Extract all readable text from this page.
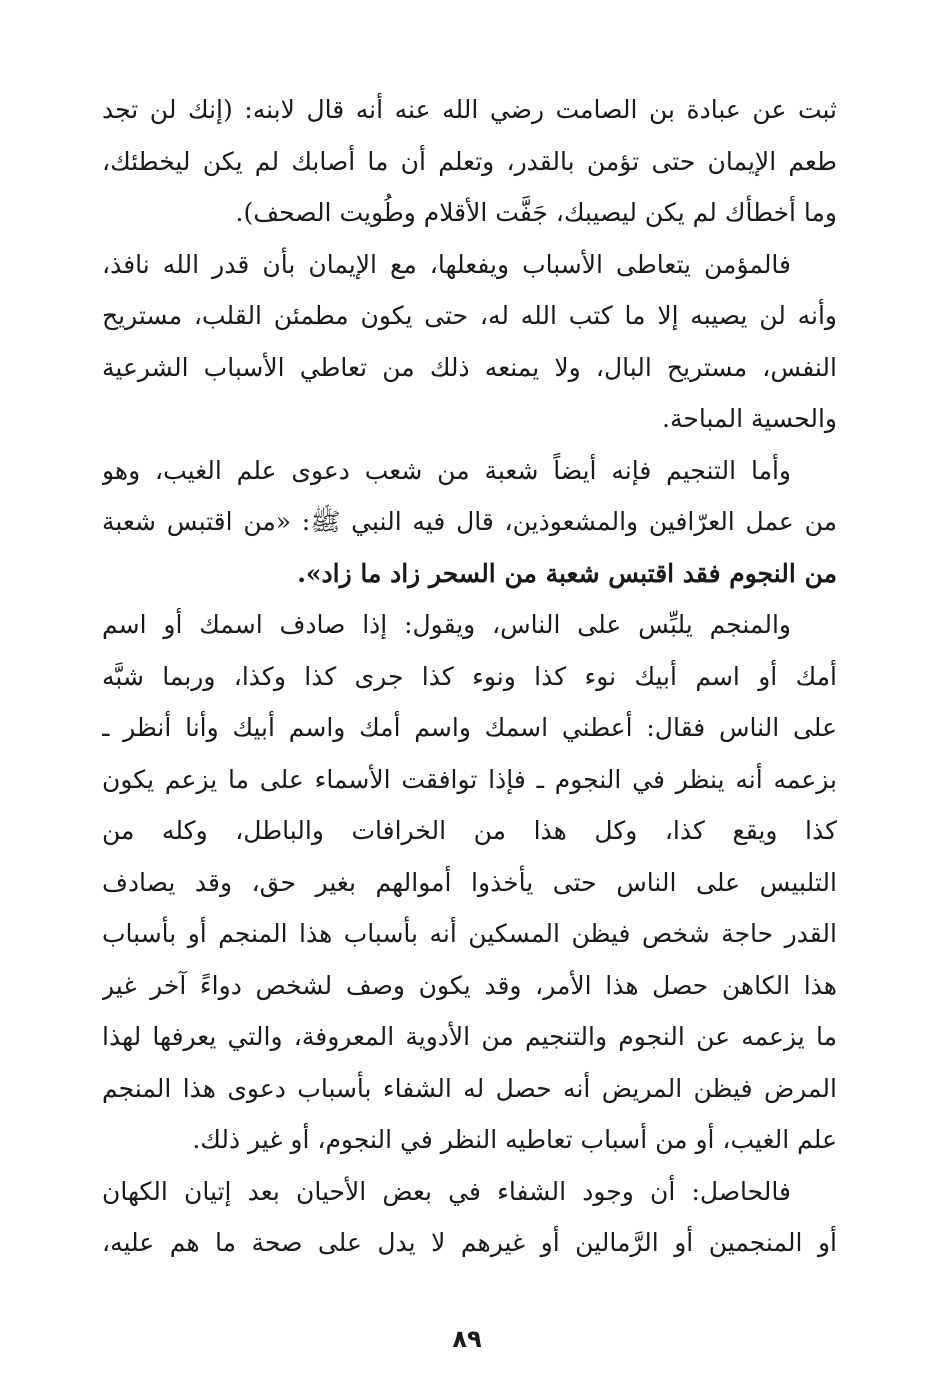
ثبت عن عبادة بن الصامت رضي الله عنه أنه قال لابنه: (إنك لن تجد
طعم الإيمان حتى تؤمن بالقدر، وتعلم أن ما أصابك لم يكن ليخطئك،
وما أخطأك لم يكن ليصيبك، جَفَّت الأقلام وطُويت الصحف).
فالمؤمن يتعاطى الأسباب ويفعلها، مع الإيمان بأن قدر الله نافذ،
وأنه لن يصيبه إلا ما كتب الله له، حتى يكون مطمئن القلب، مستريح
النفس، مستريح البال، ولا يمنعه ذلك من تعاطي الأسباب الشرعية
والحسية المباحة.
وأما التنجيم فإنه أيضاً شعبة من شعب دعوى علم الغيب، وهو
من عمل العرّافين والمشعوذين، قال فيه النبي ﷺ: «من اقتبس شعبة
من النجوم فقد اقتبس شعبة من السحر زاد ما زاد».
والمنجم يلبِّس على الناس، ويقول: إذا صادف اسمك أو اسم
أمك أو اسم أبيك نوء كذا ونوء كذا جرى كذا وكذا، وربما شبَّه
على الناس فقال: أعطني اسمك واسم أمك واسم أبيك وأنا أنظر ـ
بزعمه أنه ينظر في النجوم ـ فإذا توافقت الأسماء على ما يزعم يكون
كذا ويقع كذا، وكل هذا من الخرافات والباطل، وكله من
التلبيس على الناس حتى يأخذوا أموالهم بغير حق، وقد يصادف
القدر حاجة شخص فيظن المسكين أنه بأسباب هذا المنجم أو بأسباب
هذا الكاهن حصل هذا الأمر، وقد يكون وصف لشخص دواءً آخر غير
ما يزعمه عن النجوم والتنجيم من الأدوية المعروفة، والتي يعرفها لهذا
المرض فيظن المريض أنه حصل له الشفاء بأسباب دعوى هذا المنجم
علم الغيب، أو من أسباب تعاطيه النظر في النجوم، أو غير ذلك.
فالحاصل: أن وجود الشفاء في بعض الأحيان بعد إتيان الكهان
أو المنجمين أو الرَّمالين أو غيرهم لا يدل على صحة ما هم عليه،
٨٩
